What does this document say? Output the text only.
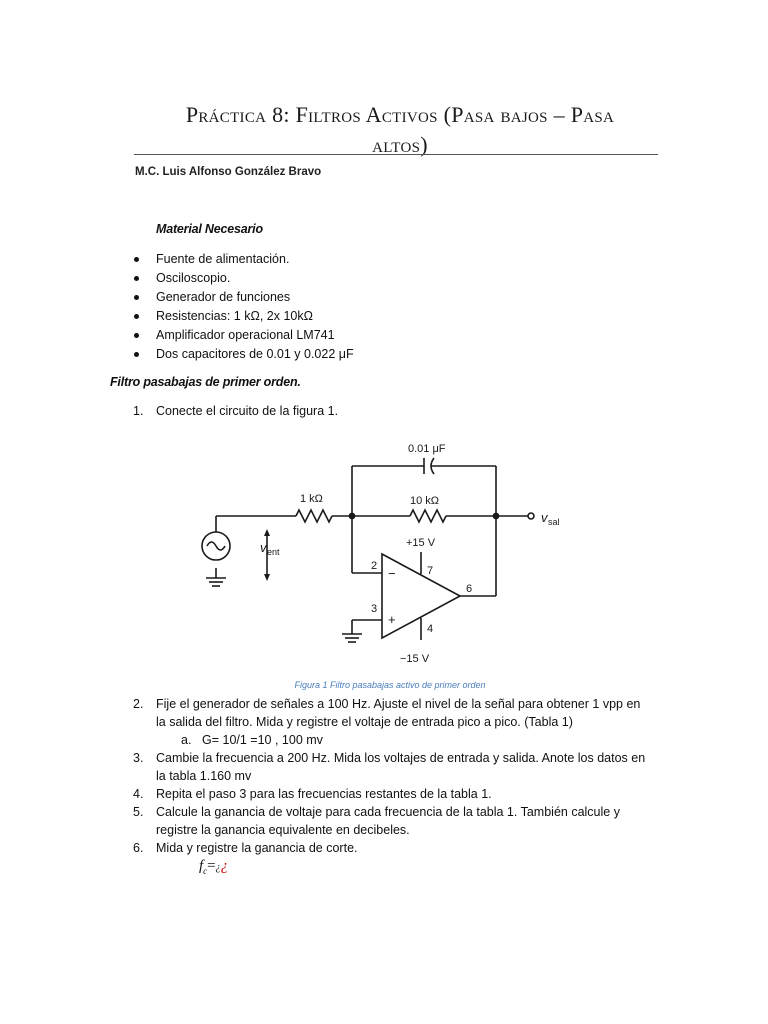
Práctica 8: Filtros Activos (Pasa bajos – Pasa
altos)
M.C. Luis Alfonso González Bravo
Material Necesario
Fuente de alimentación.
Osciloscopio.
Generador de funciones
Resistencias: 1 kΩ, 2x 10kΩ
Amplificador operacional LM741
Dos capacitores de 0.01 y 0.022 μF
Filtro pasabajas de primer orden.
1.	Conecte el circuito de la figura 1.
0.01 μF
1 kΩ	10 kΩ
v sal
v ent
+15 V
−15 V
2
3
4
6
7
−
+
Figura 1 Filtro pasabajas activo de primer orden
2.	Fije el generador de señales a 100 Hz. Ajuste el nivel de la señal para obtener 1 vpp en
la salida del filtro. Mida y registre el voltaje de entrada pico a pico. (Tabla 1)
a. G= 10/1 =10 , 100 mv
3.	Cambie la frecuencia a 200 Hz. Mida los voltajes de entrada y salida. Anote los datos en
la tabla 1.160 mv
4.	Repita el paso 3 para las frecuencias restantes de la tabla 1.
5.	Calcule la ganancia de voltaje para cada frecuencia de la tabla 1. También calcule y
registre la ganancia equivalente en decibeles.
6.	Mida y registre la ganancia de corte.
$f_c=¿¿$
